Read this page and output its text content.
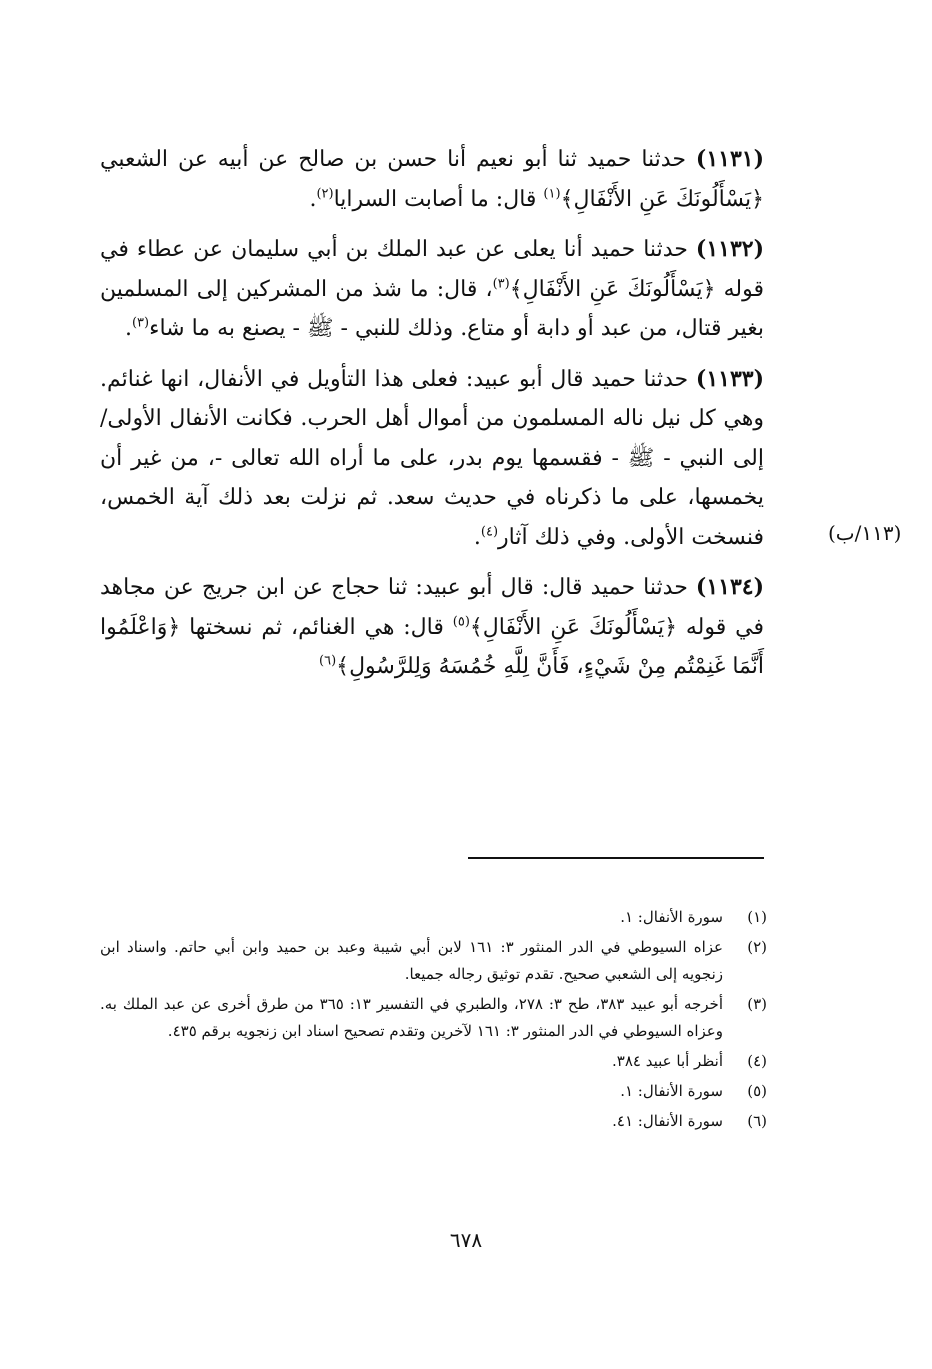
(١١٣١) حدثنا حميد ثنا أبو نعيم أنا حسن بن صالح عن أبيه عن الشعبي ﴿يَسْأَلُونَكَ عَنِ الأَنْفَالِ﴾$^{(١)}$ قال: ما أصابت السرايا$^{(٢)}$.

(١١٣٢) حدثنا حميد أنا يعلى عن عبد الملك بن أبي سليمان عن عطاء في قوله ﴿يَسْأَلُونَكَ عَنِ الأَنْفَالِ﴾$^{(٣)}$، قال: ما شذ من المشركين إلى المسلمين بغير قتال، من عبد أو دابة أو متاع. وذلك للنبي - ﷺ - يصنع به ما شاء$^{(٣)}$.

(١١٣٣) حدثنا حميد قال أبو عبيد: فعلى هذا التأويل في الأنفال، انها غنائم. وهي كل نيل ناله المسلمون من أموال أهل الحرب. فكانت الأنفال الأولى/ إلى النبي - ﷺ - فقسمها يوم بدر، على ما أراه الله تعالى -، من غير أن يخمسها، على ما ذكرناه في حديث سعد. ثم نزلت بعد ذلك آية الخمس، فنسخت الأولى. وفي ذلك آثار$^{(٤)}$.

(١١٣٤) حدثنا حميد قال: قال أبو عبيد: ثنا حجاج عن ابن جريج عن مجاهد في قوله ﴿يَسْأَلُونَكَ عَنِ الأَنْفَالِ﴾$^{(٥)}$ قال: هي الغنائم، ثم نسختها ﴿وَاعْلَمُوا أَنَّمَا غَنِمْتُم مِنْ شَيْءٍ، فَأَنَّ لِلَّهِ خُمُسَهُ وَلِلرَّسُولِ﴾$^{(٦)}$

(١١٣/ب)
(١)
سورة الأنفال: ١.
(٢)
عزاه السيوطي في الدر المنثور ٣: ١٦١ لابن أبي شيبة وعبد بن حميد وابن أبي حاتم. واسناد ابن زنجويه إلى الشعبي صحيح. تقدم توثيق رجاله جميعا.
(٣)
أخرجه أبو عبيد ٣٨٣، طح ٣: ٢٧٨، والطبري في التفسير ١٣: ٣٦٥ من طرق أخرى عن عبد الملك به. وعزاه السيوطي في الدر المنثور ٣: ١٦١ لآخرين وتقدم تصحيح اسناد ابن زنجويه برقم ٤٣٥.
(٤)
أنظر أبا عبيد ٣٨٤.
(٥)
سورة الأنفال: ١.
(٦)
سورة الأنفال: ٤١.
٦٧٨
